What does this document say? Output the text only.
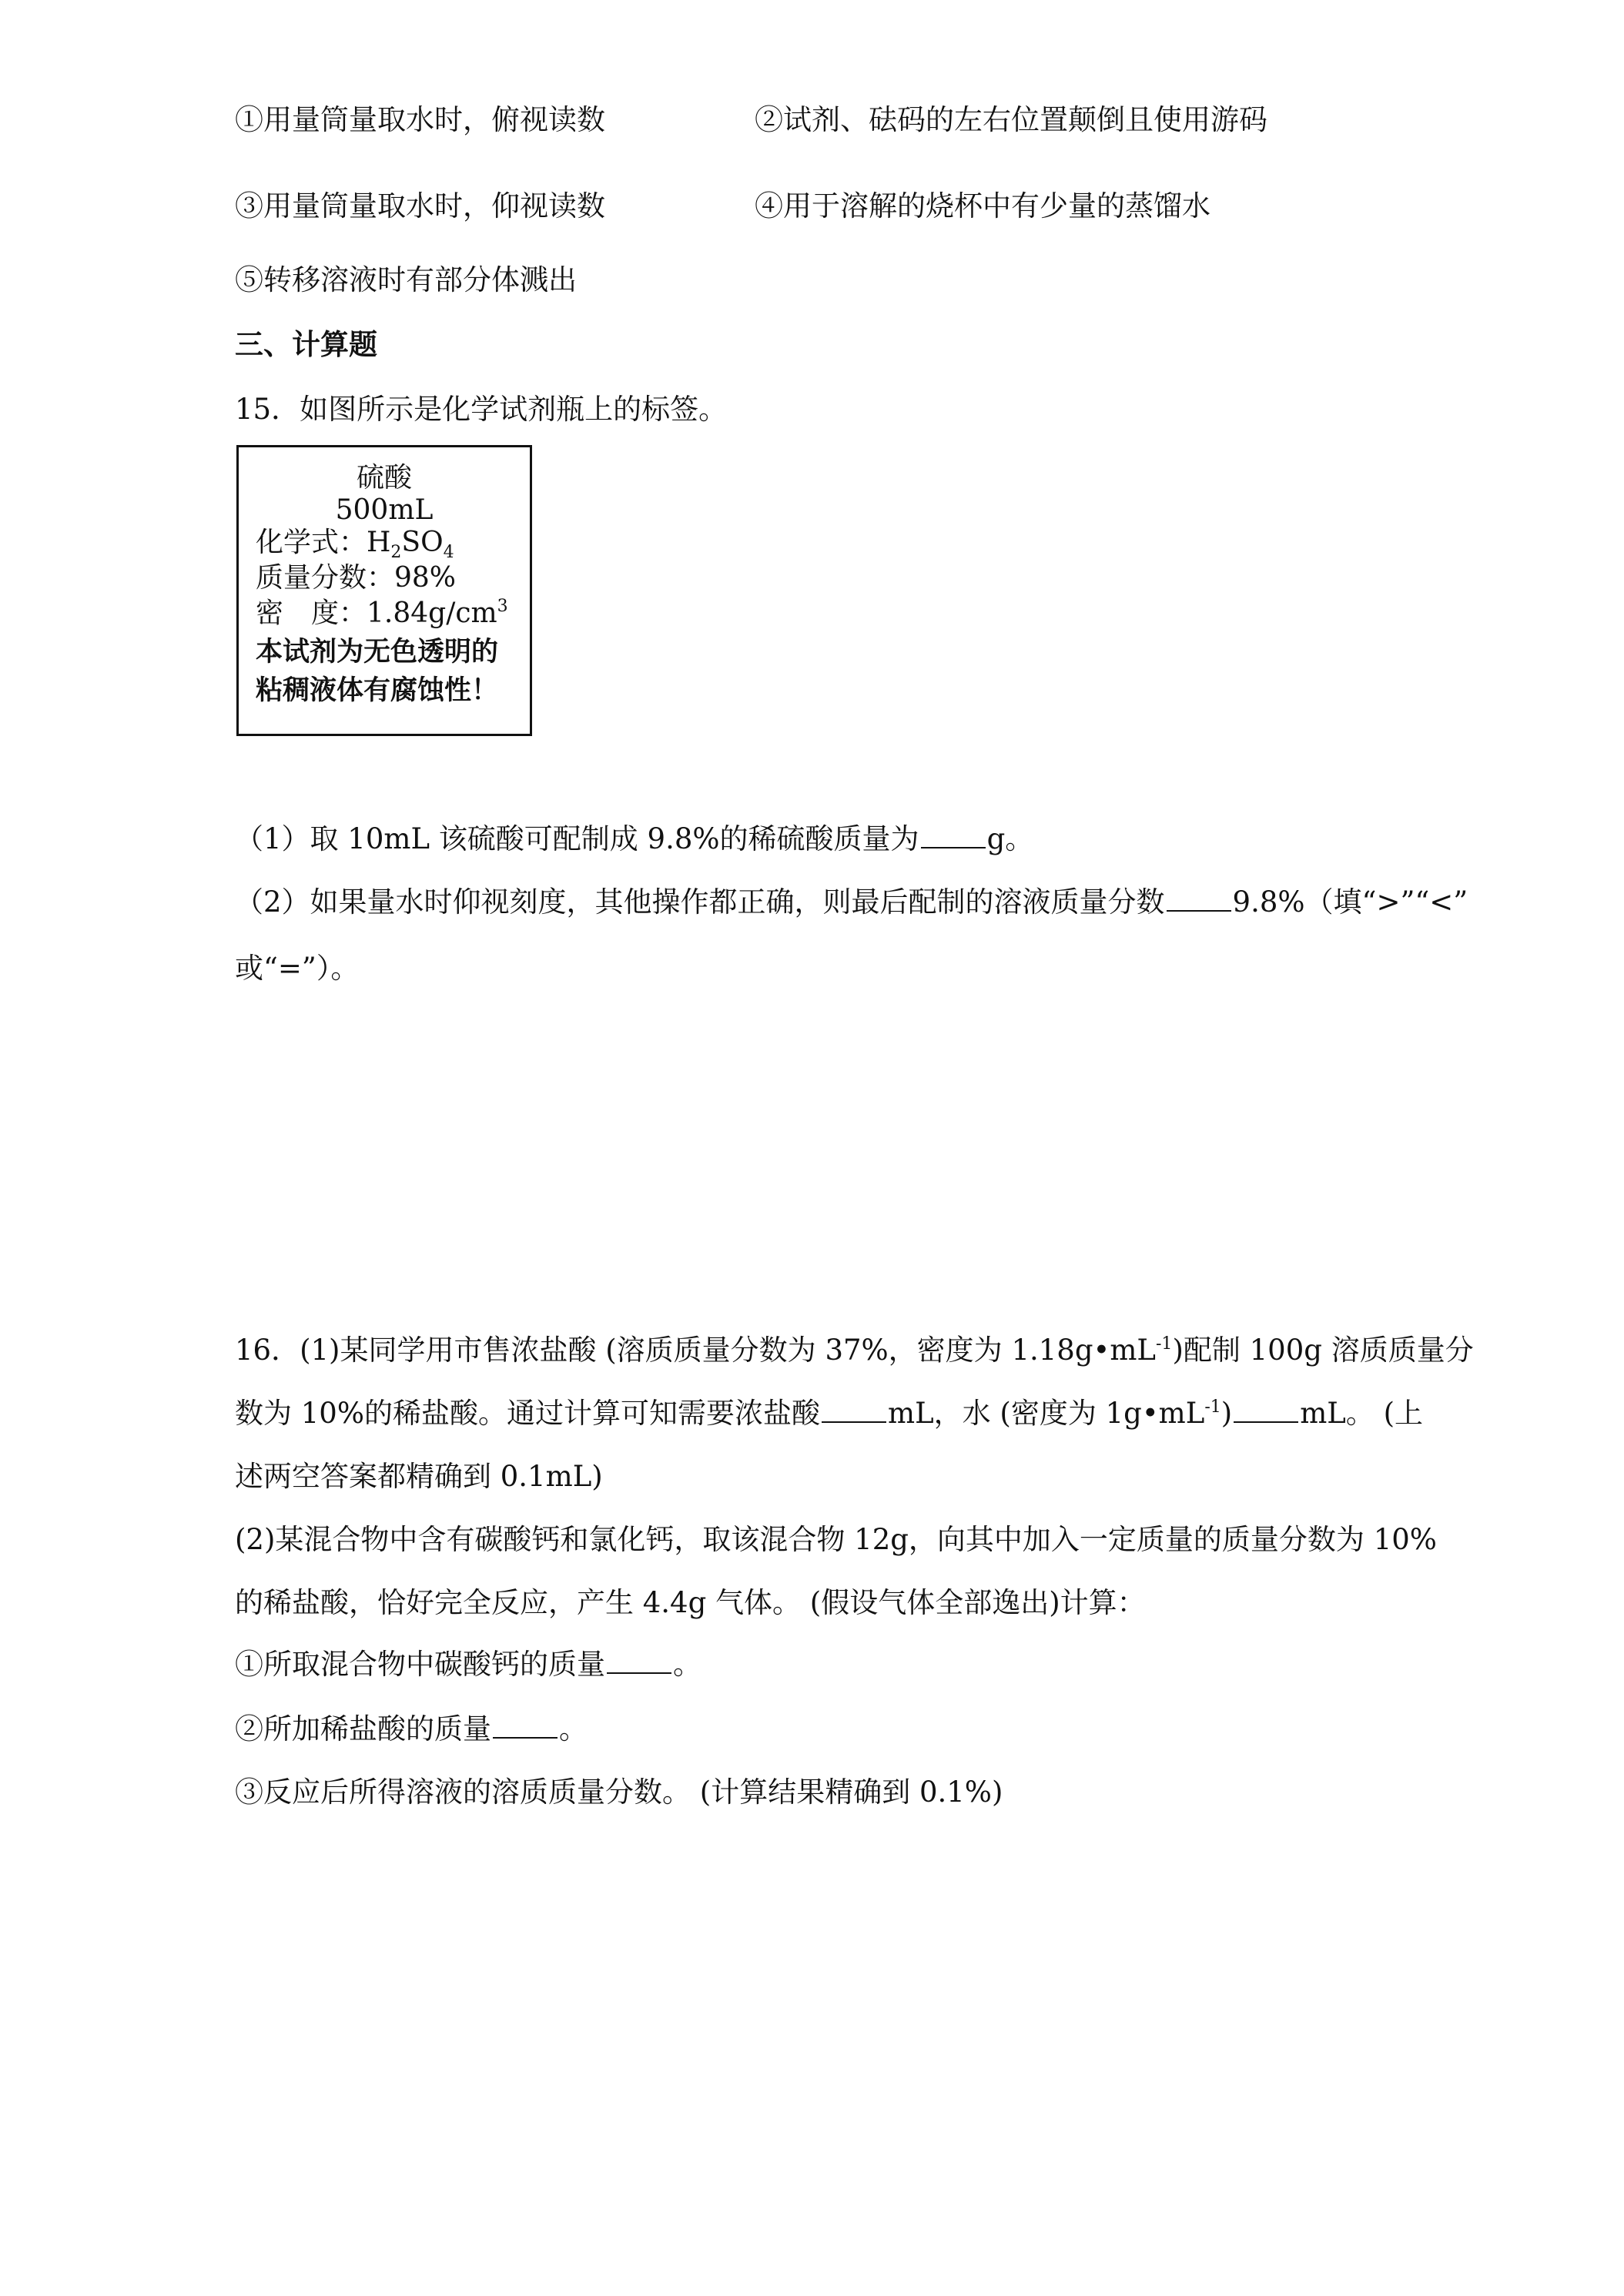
①用量筒量取水时，俯视读数	②试剂、砝码的左右位置颠倒且使用游码
③用量筒量取水时，仰视读数	④用于溶解的烧杯中有少量的蒸馏水
⑤转移溶液时有部分体溅出
三、计算题
15．如图所示是化学试剂瓶上的标签。
硫酸
500mL
化学式：$H_2SO_4$
质量分数：98%
密　度：$1.84g/cm^3$
本试剂为无色透明的
粘稠液体有腐蚀性！
（1）取 10mL 该硫酸可配制成 9.8%的稀硫酸质量为 g。
（2）如果量水时仰视刻度，其他操作都正确，则最后配制的溶液质量分数 9.8%（填“>”“<”
或“=”）。
16．(1)某同学用市售浓盐酸 (溶质质量分数为 37%，密度为 $1.18g•mL^{-1}$)配制 100g 溶质质量分
数为 10%的稀盐酸。通过计算可知需要浓盐酸 mL，水 (密度为 $1g•mL^{-1}$) mL。 (上
述两空答案都精确到 0.1mL)
(2)某混合物中含有碳酸钙和氯化钙，取该混合物 12g，向其中加入一定质量的质量分数为 10%
的稀盐酸，恰好完全反应，产生 4.4g 气体。 (假设气体全部逸出)计算：
①所取混合物中碳酸钙的质量 。
②所加稀盐酸的质量 。
③反应后所得溶液的溶质质量分数。 (计算结果精确到 0.1%)
